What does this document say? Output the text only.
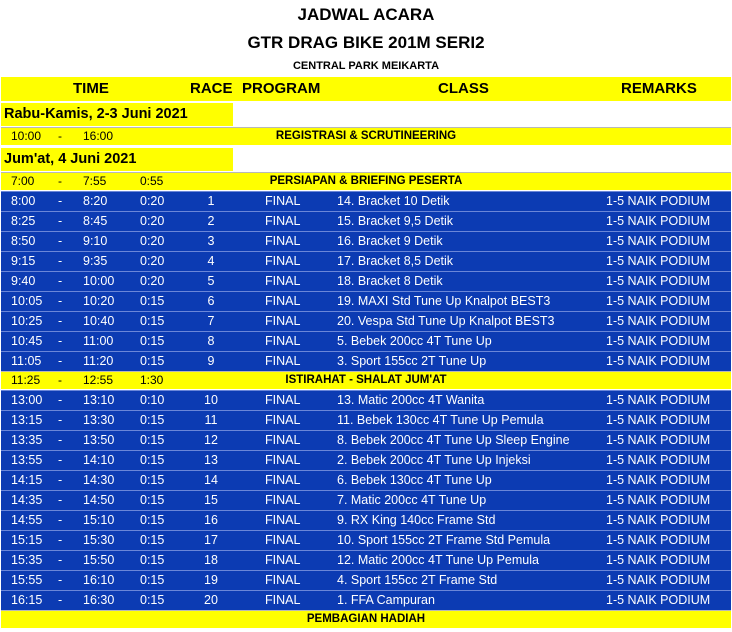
JADWAL ACARA
GTR DRAG BIKE 201M SERI2
CENTRAL PARK MEIKARTA
TIME	RACE PROGRAM	CLASS	REMARKS
Rabu-Kamis, 2-3 Juni 2021
10:00 - 16:00	REGISTRASI & SCRUTINEERING
Jum'at, 4 Juni 2021
7:00 - 7:55	0:55	PERSIAPAN & BRIEFING PESERTA
8:00 - 8:20	0:20	1	FINAL	14. Bracket 10 Detik	1-5 NAIK PODIUM
8:25 - 8:45	0:20	2	FINAL	15. Bracket 9,5 Detik	1-5 NAIK PODIUM
8:50 - 9:10	0:20	3	FINAL	16. Bracket 9 Detik	1-5 NAIK PODIUM
9:15 - 9:35	0:20	4	FINAL	17. Bracket 8,5 Detik	1-5 NAIK PODIUM
9:40 - 10:00 0:20	5	FINAL	18. Bracket 8 Detik	1-5 NAIK PODIUM
10:05 - 10:20 0:15	6	FINAL	19. MAXI Std Tune Up Knalpot BEST3	1-5 NAIK PODIUM
10:25 - 10:40 0:15	7	FINAL	20. Vespa Std Tune Up Knalpot BEST3	1-5 NAIK PODIUM
10:45 - 11:00 0:15	8	FINAL	5. Bebek 200cc 4T Tune Up	1-5 NAIK PODIUM
11:05 - 11:20 0:15	9	FINAL	3. Sport 155cc 2T Tune Up	1-5 NAIK PODIUM
11:25 - 12:55 1:30	ISTIRAHAT - SHALAT JUM'AT
13:00 - 13:10 0:10	10	FINAL	13. Matic 200cc 4T Wanita	1-5 NAIK PODIUM
13:15 - 13:30 0:15	11	FINAL	11. Bebek 130cc 4T Tune Up Pemula	1-5 NAIK PODIUM
13:35 - 13:50 0:15	12	FINAL	8. Bebek 200cc 4T Tune Up Sleep Engine	1-5 NAIK PODIUM
13:55 - 14:10 0:15	13	FINAL	2. Bebek 200cc 4T Tune Up Injeksi	1-5 NAIK PODIUM
14:15 - 14:30 0:15	14	FINAL	6. Bebek 130cc 4T Tune Up	1-5 NAIK PODIUM
14:35 - 14:50 0:15	15	FINAL	7. Matic 200cc 4T Tune Up	1-5 NAIK PODIUM
14:55 - 15:10 0:15	16	FINAL	9. RX King 140cc Frame Std	1-5 NAIK PODIUM
15:15 - 15:30 0:15	17	FINAL	10. Sport 155cc 2T Frame Std Pemula	1-5 NAIK PODIUM
15:35 - 15:50 0:15	18	FINAL	12. Matic 200cc 4T Tune Up Pemula	1-5 NAIK PODIUM
15:55 - 16:10 0:15	19	FINAL	4. Sport 155cc 2T Frame Std	1-5 NAIK PODIUM
16:15 - 16:30 0:15	20	FINAL	1. FFA Campuran	1-5 NAIK PODIUM
PEMBAGIAN HADIAH
